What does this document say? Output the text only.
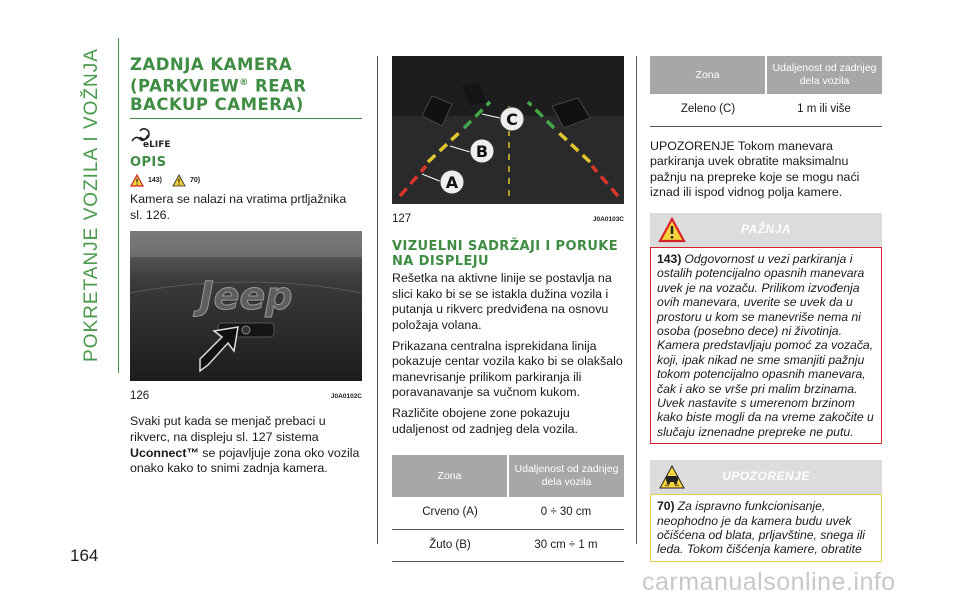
POKRETANJE VOZILA I VOŽNJA
164
ZADNJA KAMERA
(PARKVIEW® REAR
BACKUP CAMERA)
eLIFE
OPIS
143)	70)

Kamera se nalazi na vratima prtljažnika sl. 126.

Jeep
126	J0A0102C

Svaki put kada se menjač prebaci u rikverc, na displeju sl. 127 sistema Uconnect™ se pojavljuje zona oko vozila onako kako to snimi zadnja kamera.

A
B
C
127	J0A0103C
VIZUELNI SADRŽAJI I PORUKE NA DISPLEJU

Rešetka na aktivne linije se postavlja na slici kako bi se se istakla dužina vozila i putanja u rikverc predviđena na osnovu položaja volana.

Prikazana centralna isprekidana linija pokazuje centar vozila kako bi se olakšalo manevrisanje prilikom parkiranja ili poravanavanje sa vučnom kukom.

Različite obojene zone pokazuju udaljenost od zadnjeg dela vozila.

Zona	Udaljenost od zadnjeg dela vozila
Crveno (A)	0 ÷ 30 cm
Žuto (B)	30 cm ÷ 1 m
Zona	Udaljenost od zadnjeg dela vozila
Zeleno (C)	1 m ili više

UPOZORENJE Tokom manevara parkiranja uvek obratite maksimalnu pažnju na prepreke koje se mogu naći iznad ili ispod vidnog polja kamere.

PAŽNJA
143) Odgovornost u vezi parkiranja i ostalih potencijalno opasnih manevara uvek je na vozaču. Prilikom izvođenja ovih manevara, uverite se uvek da u prostoru u kom se manevriše nema ni osoba (posebno dece) ni životinja. Kamera predstavljaju pomoć za vozača, koji, ipak nikad ne sme smanjiti pažnju tokom potencijalno opasnih manevara, čak i ako se vrše pri malim brzinama. Uvek nastavite s umerenom brzinom kako biste mogli da na vreme zakočite u slučaju iznenadne prepreke ne putu.
UPOZORENJE
70) Za ispravno funkcionisanje, neophodno je da kamera budu uvek očišćena od blata, prljavštine, snega ili leda. Tokom čišćenja kamere, obratite
carmanualsonline.info
